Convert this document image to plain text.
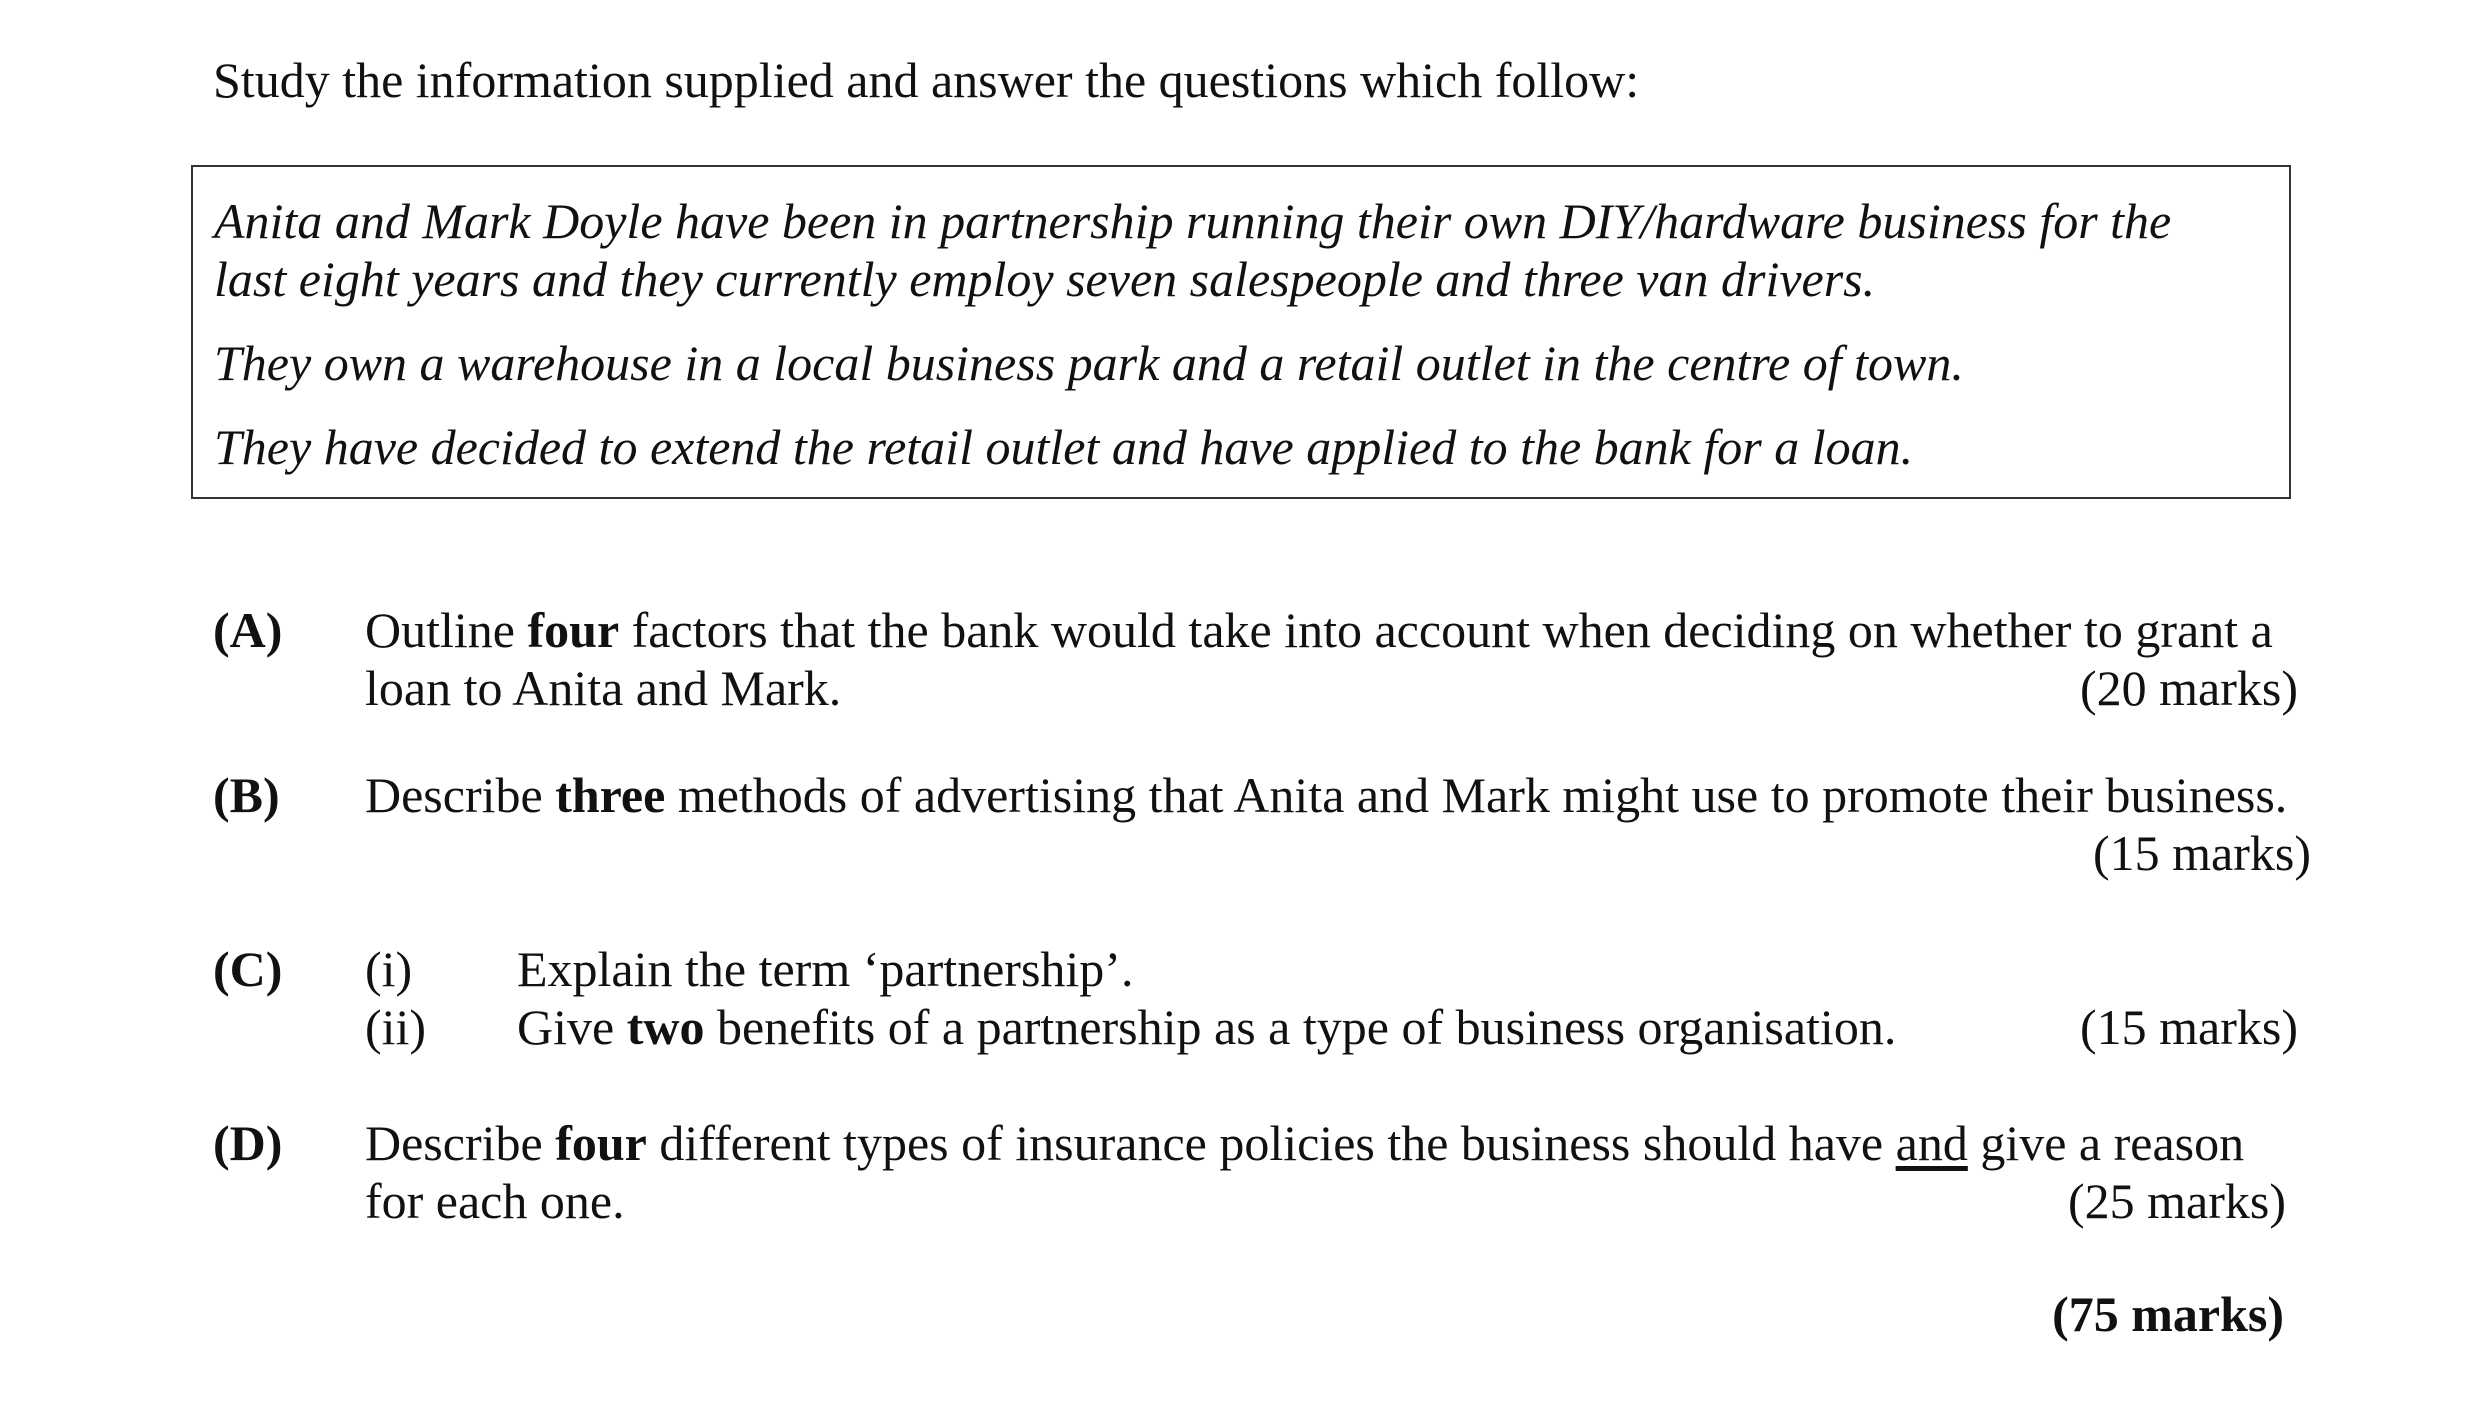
Study the information supplied and answer the questions which follow:
Anita and Mark Doyle have been in partnership running their own DIY/hardware business for the
last eight years and they currently employ seven salespeople and three van drivers.
They own a warehouse in a local business park and a retail outlet in the centre of town.
They have decided to extend the retail outlet and have applied to the bank for a loan.
(A) Outline four factors that the bank would take into account when deciding on whether to grant a
loan to Anita and Mark.	(20 marks)
(B) Describe three methods of advertising that Anita and Mark might use to promote their business.
(15 marks)
(C) (i) Explain the term ‘partnership’.
(ii) Give two benefits of a partnership as a type of business organisation.	(15 marks)
(D) Describe four different types of insurance policies the business should have and give a reason
for each one.	(25 marks)
(75 marks)
